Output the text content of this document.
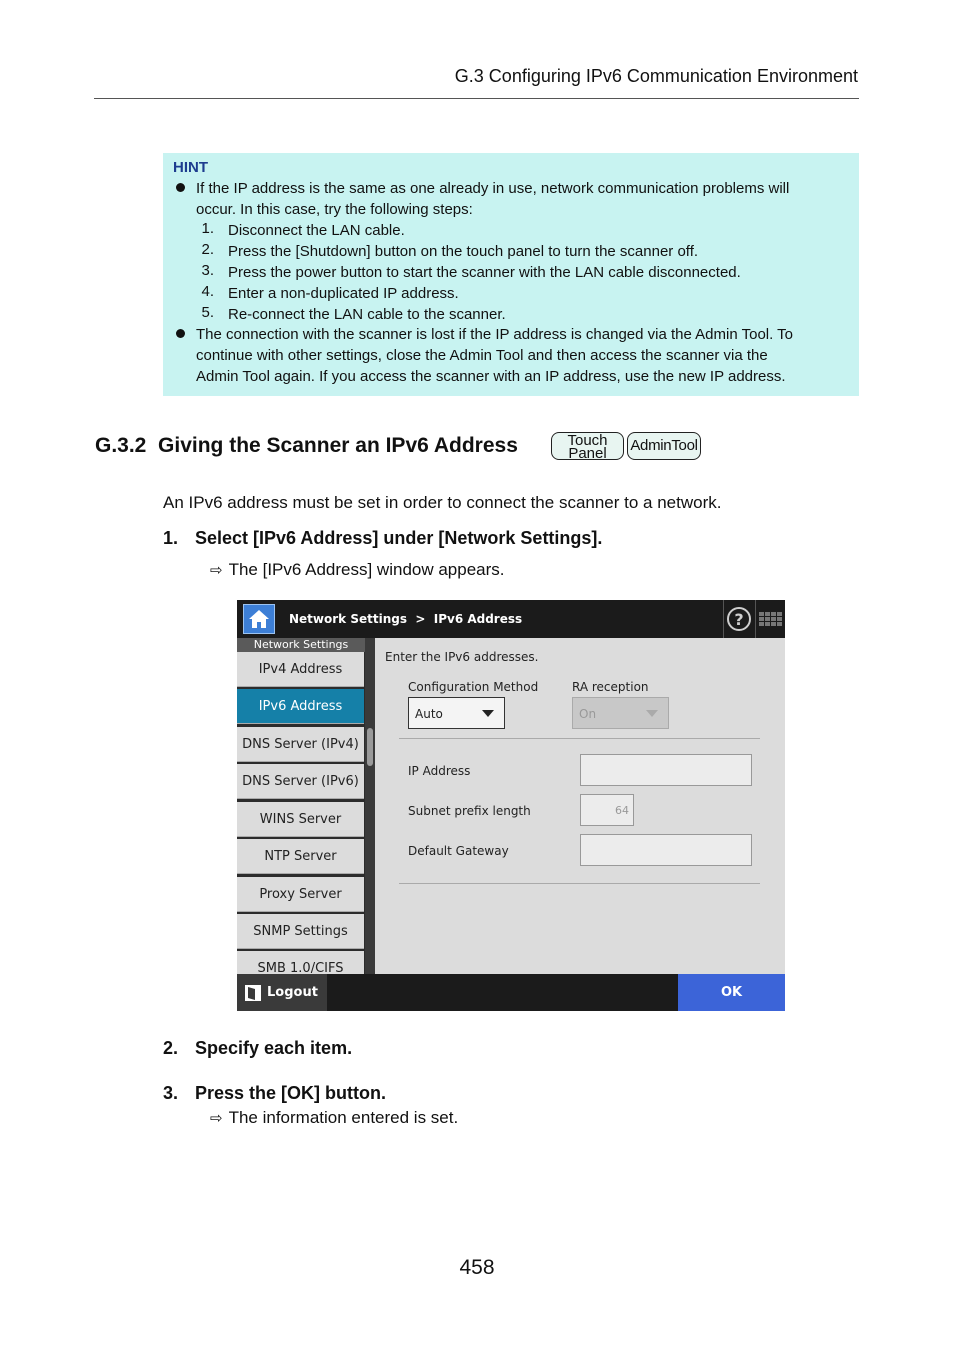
G.3 Configuring IPv6 Communication Environment
HINT
If the IP address is the same as one already in use, network communication problems will
occur. In this case, try the following steps:
1. Disconnect the LAN cable.
2. Press the [Shutdown] button on the touch panel to turn the scanner off.
3. Press the power button to start the scanner with the LAN cable disconnected.
4. Enter a non-duplicated IP address.
5. Re-connect the LAN cable to the scanner.
The connection with the scanner is lost if the IP address is changed via the Admin Tool. To
continue with other settings, close the Admin Tool and then access the scanner via the
Admin Tool again. If you access the scanner with an IP address, use the new IP address.
G.3.2 Giving the Scanner an IPv6 Address	Touch
Panel	AdminTool
An IPv6 address must be set in order to connect the scanner to a network.
1. Select [IPv6 Address] under [Network Settings].
⇨ The [IPv6 Address] window appears.
Network Settings  >  IPv6 Address	?
Network Settings
IPv4 Address
IPv6 Address
DNS Server (IPv4)
DNS Server (IPv6)
WINS Server
NTP Server
Proxy Server
SNMP Settings
SMB 1.0/CIFS
Enter the IPv6 addresses.
Configuration Method
Auto
RA reception
On
IP Address
Subnet prefix length	64
Default Gateway
Logout	OK
2. Specify each item.
3. Press the [OK] button.
⇨ The information entered is set.
458
